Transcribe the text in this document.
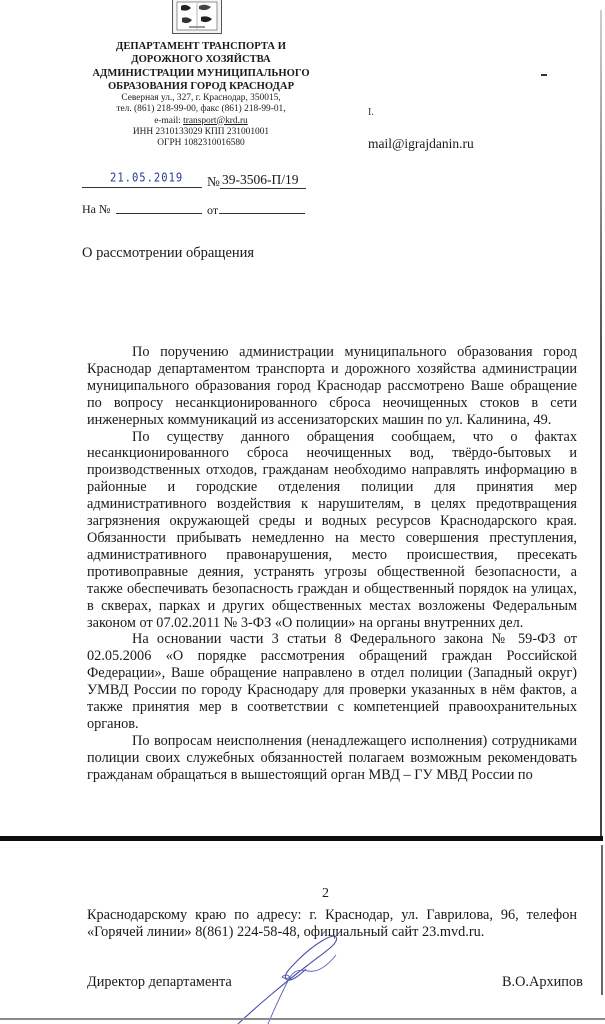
ДЕПАРТАМЕНТ ТРАНСПОРТА И
ДОРОЖНОГО ХОЗЯЙСТВА
АДМИНИСТРАЦИИ МУНИЦИПАЛЬНОГО
ОБРАЗОВАНИЯ ГОРОД КРАСНОДАР
Северная ул., 327, г. Краснодар, 350015,
тел. (861) 218-99-00, факс (861) 218-99-01,
e-mail: transport@krd.ru
ИНН 2310133029 КПП 231001001
ОГРН 1082310016580
I.
mail@igrajdanin.ru
21.05.2019 № 39-3506-П/19
На №	от
О рассмотрении обращения

По поручению администрации муниципального образования город Краснодар департаментом транспорта и дорожного хозяйства администрации муниципального образования город Краснодар рассмотрено Ваше обращение по вопросу несанкционированного сброса неочищенных стоков в сети инженерных коммуникаций из ассенизаторских машин по ул. Калинина, 49.

По существу данного обращения сообщаем, что о фактах несанкционированного сброса неочищенных вод, твёрдо-бытовых и производственных отходов, гражданам необходимо направлять информацию в районные и городские отделения полиции для принятия мер административного воздействия к нарушителям, в целях предотвращения загрязнения окружающей среды и водных ресурсов Краснодарского края. Обязанности прибывать немедленно на место совершения преступления, административного правонарушения, место происшествия, пресекать противоправные деяния, устранять угрозы общественной безопасности, а также обеспечивать безопасность граждан и общественный порядок на улицах, в скверах, парках и других общественных местах возложены Федеральным законом от 07.02.2011 № 3-ФЗ «О полиции» на органы внутренних дел.

На основании части 3 статьи 8 Федерального закона № 59-ФЗ от 02.05.2006 «О порядке рассмотрения обращений граждан Российской Федерации», Ваше обращение направлено в отдел полиции (Западный округ) УМВД России по городу Краснодару для проверки указанных в нём фактов, а также принятия мер в соответствии с компетенцией правоохранительных органов.

По вопросам неисполнения (ненадлежащего исполнения) сотрудниками полиции своих служебных обязанностей полагаем возможным рекомендовать гражданам обращаться в вышестоящий орган МВД – ГУ МВД России по

2
Краснодарскому краю по адресу: г. Краснодар, ул. Гаврилова, 96, телефон «Горячей линии» 8(861) 224-58-48, официальный сайт 23.mvd.ru.
Директор департамента	В.О.Архипов
